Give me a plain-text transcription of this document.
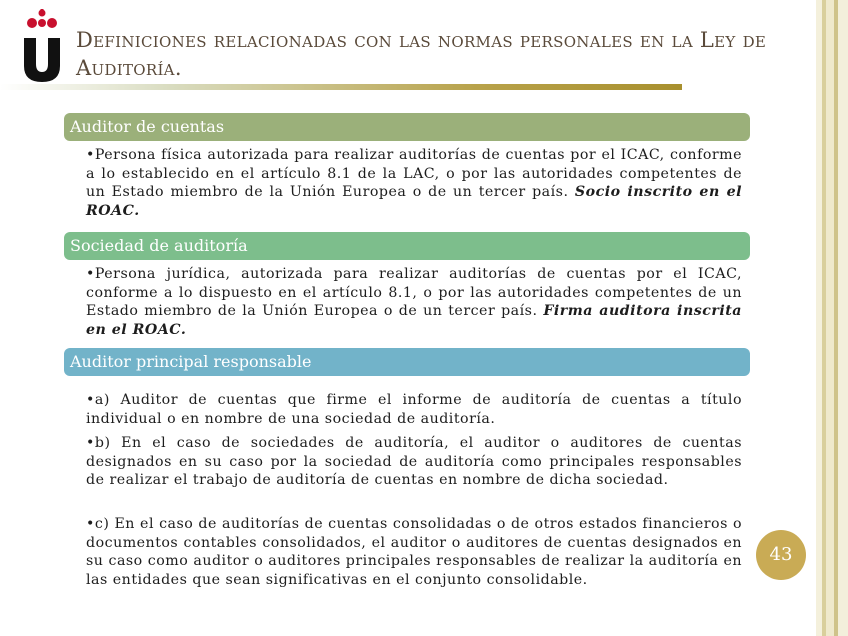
Definiciones relacionadas con las normas personales en la Ley de Auditoría.
Auditor de cuentas
•Persona física autorizada para realizar auditorías de cuentas por el ICAC, conforme a lo establecido en el artículo 8.1 de la LAC, o por las autoridades competentes de un Estado miembro de la Unión Europea o de un tercer país. Socio inscrito en el ROAC.
Sociedad de auditoría
•Persona jurídica, autorizada para realizar auditorías de cuentas por el ICAC, conforme a lo dispuesto en el artículo 8.1, o por las autoridades competentes de un Estado miembro de la Unión Europea o de un tercer país. Firma auditora inscrita en el ROAC.
Auditor principal responsable
•a) Auditor de cuentas que firme el informe de auditoría de cuentas a título individual o en nombre de una sociedad de auditoría.
•b) En el caso de sociedades de auditoría, el auditor o auditores de cuentas designados en su caso por la sociedad de auditoría como principales responsables de realizar el trabajo de auditoría de cuentas en nombre de dicha sociedad.
•c) En el caso de auditorías de cuentas consolidadas o de otros estados financieros o documentos contables consolidados, el auditor o auditores de cuentas designados en su caso como auditor o auditores principales responsables de realizar la auditoría en las entidades que sean significativas en el conjunto consolidable.
43
